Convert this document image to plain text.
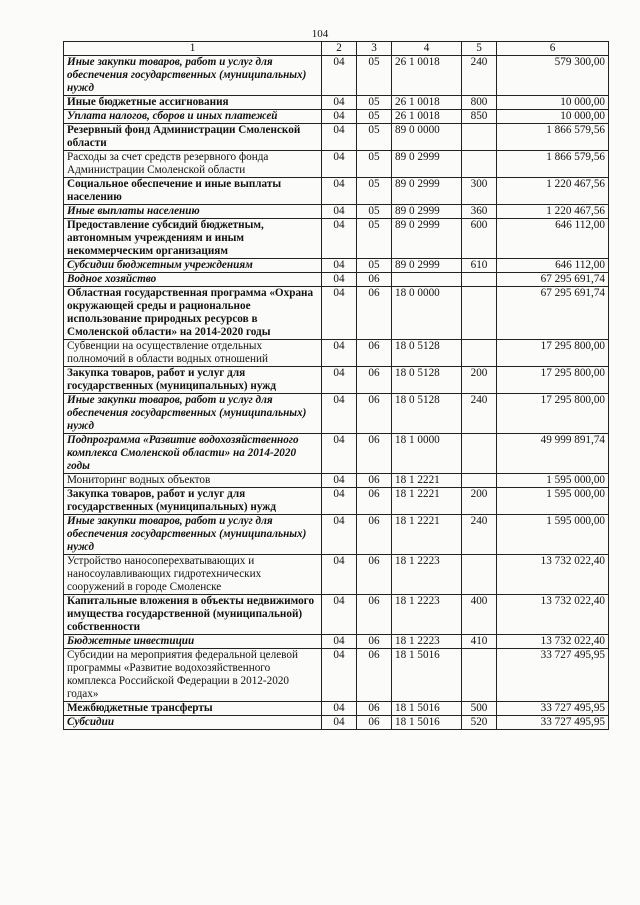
104
1	2	3	4	5	6
Иные закупки товаров, работ и услуг для обеспечения государственных (муниципальных) нужд	04	05	26 1 0018	240	579 300,00
Иные бюджетные ассигнования	04	05	26 1 0018	800	10 000,00
Уплата налогов, сборов и иных платежей	04	05	26 1 0018	850	10 000,00
Резервный фонд Администрации Смоленской области	04	05	89 0 0000		1 866 579,56
Расходы за счет средств резервного фонда Администрации Смоленской области	04	05	89 0 2999		1 866 579,56
Социальное обеспечение и иные выплаты населению	04	05	89 0 2999	300	1 220 467,56
Иные выплаты населению	04	05	89 0 2999	360	1 220 467,56
Предоставление субсидий бюджетным, автономным учреждениям и иным некоммерческим организациям	04	05	89 0 2999	600	646 112,00
Субсидии бюджетным учреждениям	04	05	89 0 2999	610	646 112,00
Водное хозяйство	04	06			67 295 691,74
Областная государственная программа «Охрана окружающей среды и рациональное использование природных ресурсов в Смоленской области» на 2014-2020 годы	04	06	18 0 0000		67 295 691,74
Субвенции на осуществление отдельных полномочий в области водных отношений	04	06	18 0 5128		17 295 800,00
Закупка товаров, работ и услуг для государственных (муниципальных) нужд	04	06	18 0 5128	200	17 295 800,00
Иные закупки товаров, работ и услуг для обеспечения государственных (муниципальных) нужд	04	06	18 0 5128	240	17 295 800,00
Подпрограмма «Развитие водохозяйственного комплекса Смоленской области» на 2014-2020 годы	04	06	18 1 0000		49 999 891,74
Мониторинг водных объектов	04	06	18 1 2221		1 595 000,00
Закупка товаров, работ и услуг для государственных (муниципальных) нужд	04	06	18 1 2221	200	1 595 000,00
Иные закупки товаров, работ и услуг для обеспечения государственных (муниципальных) нужд	04	06	18 1 2221	240	1 595 000,00
Устройство наносоперехватывающих и наносоулавливающих гидротехнических сооружений в городе Смоленске	04	06	18 1 2223		13 732 022,40
Капитальные вложения в объекты недвижимого имущества государственной (муниципальной) собственности	04	06	18 1 2223	400	13 732 022,40
Бюджетные инвестиции	04	06	18 1 2223	410	13 732 022,40
Субсидии на мероприятия федеральной целевой программы «Развитие водохозяйственного комплекса Российской Федерации в 2012-2020 годах»	04	06	18 1 5016		33 727 495,95
Межбюджетные трансферты	04	06	18 1 5016	500	33 727 495,95
Субсидии	04	06	18 1 5016	520	33 727 495,95
